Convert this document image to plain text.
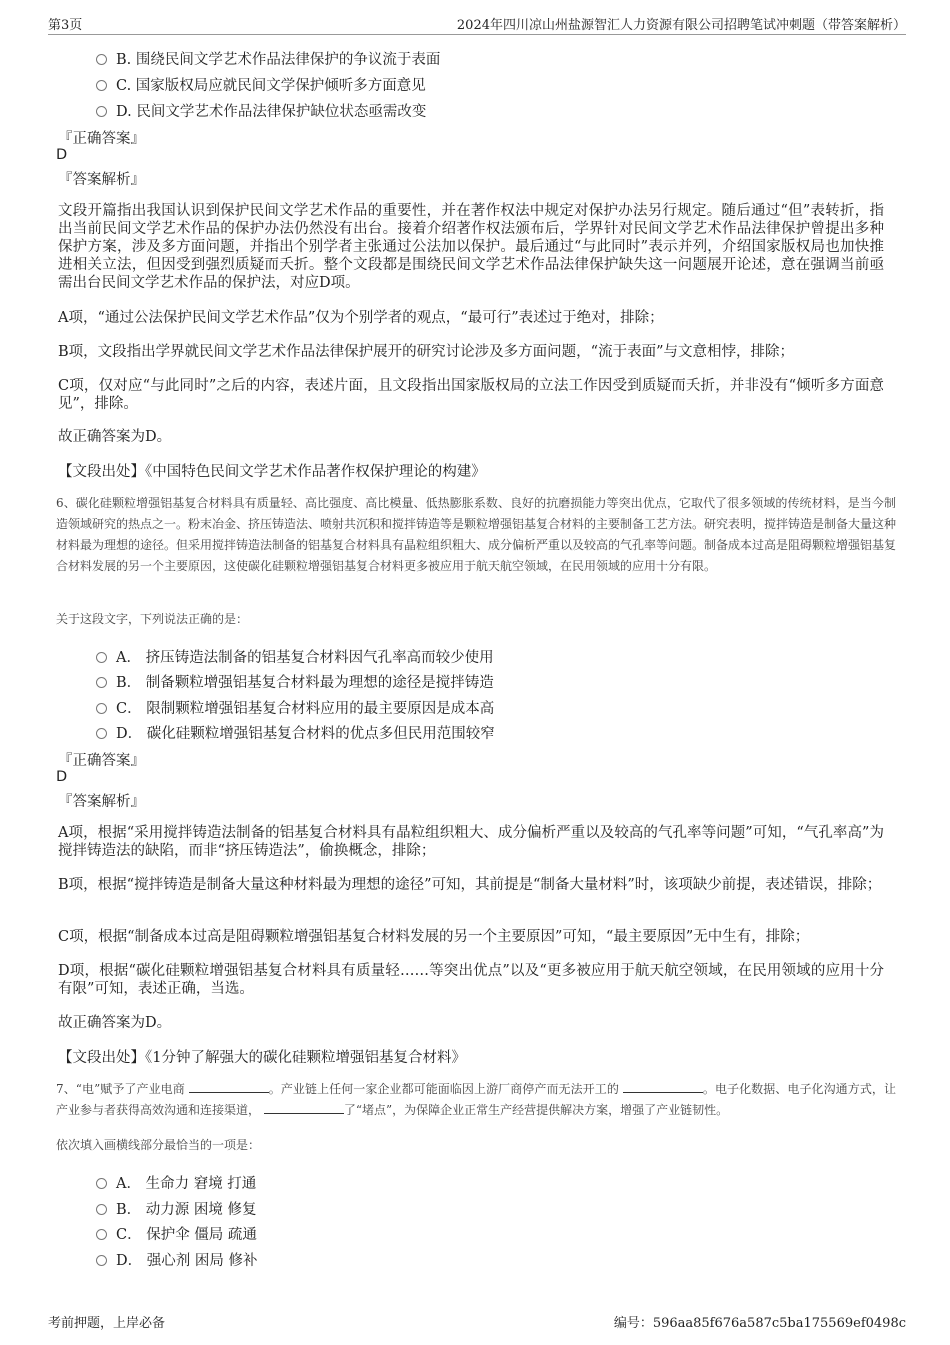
第3页	2024年四川凉山州盐源智汇人力资源有限公司招聘笔试冲刺题（带答案解析）
B. 围绕民间文学艺术作品法律保护的争议流于表面
C. 国家版权局应就民间文学保护倾听多方面意见
D. 民间文学艺术作品法律保护缺位状态亟需改变
『正确答案』
D
『答案解析』
文段开篇指出我国认识到保护民间文学艺术作品的重要性，并在著作权法中规定对保护办法另行规定。随后通过“但”表转折，指出当前民间文学艺术作品的保护办法仍然没有出台。接着介绍著作权法颁布后，学界针对民间文学艺术作品法律保护曾提出多种保护方案，涉及多方面问题，并指出个别学者主张通过公法加以保护。最后通过“与此同时”表示并列，介绍国家版权局也加快推进相关立法，但因受到强烈质疑而夭折。整个文段都是围绕民间文学艺术作品法律保护缺失这一问题展开论述，意在强调当前亟需出台民间文学艺术作品的保护法，对应D项。
A项，“通过公法保护民间文学艺术作品”仅为个别学者的观点，“最可行”表述过于绝对，排除；
B项，文段指出学界就民间文学艺术作品法律保护展开的研究讨论涉及多方面问题，“流于表面”与文意相悖，排除；
C项，仅对应“与此同时”之后的内容，表述片面，且文段指出国家版权局的立法工作因受到质疑而夭折，并非没有“倾听多方面意见”，排除。
故正确答案为D。
【文段出处】《中国特色民间文学艺术作品著作权保护理论的构建》
6、碳化硅颗粒增强铝基复合材料具有质量轻、高比强度、高比模量、低热膨胀系数、良好的抗磨损能力等突出优点，它取代了很多领域的传统材料，是当今制造领域研究的热点之一。粉末冶金、挤压铸造法、喷射共沉积和搅拌铸造等是颗粒增强铝基复合材料的主要制备工艺方法。研究表明，搅拌铸造是制备大量这种材料最为理想的途径。但采用搅拌铸造法制备的铝基复合材料具有晶粒组织粗大、成分偏析严重以及较高的气孔率等问题。制备成本过高是阻碍颗粒增强铝基复合材料发展的另一个主要原因，这使碳化硅颗粒增强铝基复合材料更多被应用于航天航空领域，在民用领域的应用十分有限。
关于这段文字，下列说法正确的是：
A． 挤压铸造法制备的铝基复合材料因气孔率高而较少使用
B． 制备颗粒增强铝基复合材料最为理想的途径是搅拌铸造
C． 限制颗粒增强铝基复合材料应用的最主要原因是成本高
D． 碳化硅颗粒增强铝基复合材料的优点多但民用范围较窄
『正确答案』
D
『答案解析』
A项，根据“采用搅拌铸造法制备的铝基复合材料具有晶粒组织粗大、成分偏析严重以及较高的气孔率等问题”可知，“气孔率高”为搅拌铸造法的缺陷，而非“挤压铸造法”，偷换概念，排除；
B项，根据“搅拌铸造是制备大量这种材料最为理想的途径”可知，其前提是“制备大量材料”时，该项缺少前提，表述错误，排除；
C项，根据“制备成本过高是阻碍颗粒增强铝基复合材料发展的另一个主要原因”可知，“最主要原因”无中生有，排除；
D项，根据“碳化硅颗粒增强铝基复合材料具有质量轻……等突出优点”以及“更多被应用于航天航空领域，在民用领域的应用十分有限”可知，表述正确，当选。
故正确答案为D。
【文段出处】《1分钟了解强大的碳化硅颗粒增强铝基复合材料》
7、“电”赋予了产业电商	。产业链上任何一家企业都可能面临因上游厂商停产而无法开工的	。电子化数据、电子化沟通方式，让产业参与者获得高效沟通和连接渠道，	了“堵点”，为保障企业正常生产经营提供解决方案，增强了产业链韧性。
依次填入画横线部分最恰当的一项是：
A． 生命力 窘境 打通
B． 动力源 困境 修复
C． 保护伞 僵局 疏通
D． 强心剂 困局 修补
考前押题，上岸必备	编号：596aa85f676a587c5ba175569ef0498c
